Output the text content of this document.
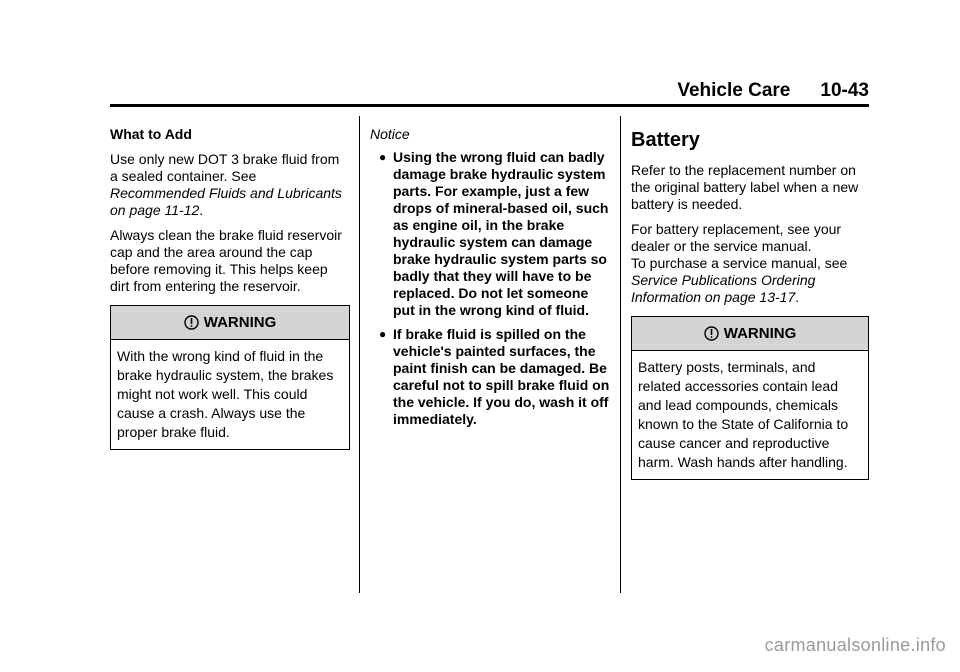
Vehicle Care 10-43
What to Add

Use only new DOT 3 brake fluid from a sealed container. See Recommended Fluids and Lubricants on page 11-12.

Always clean the brake fluid reservoir cap and the area around the cap before removing it. This helps keep dirt from entering the reservoir.

WARNING
With the wrong kind of fluid in the brake hydraulic system, the brakes might not work well. This could cause a crash. Always use the proper brake fluid.
Notice
● Using the wrong fluid can badly damage brake hydraulic system parts. For example, just a few drops of mineral-based oil, such as engine oil, in the brake hydraulic system can damage brake hydraulic system parts so badly that they will have to be replaced. Do not let someone put in the wrong kind of fluid.
● If brake fluid is spilled on the vehicle's painted surfaces, the paint finish can be damaged. Be careful not to spill brake fluid on the vehicle. If you do, wash it off immediately.
Battery

Refer to the replacement number on the original battery label when a new battery is needed.

For battery replacement, see your dealer or the service manual.
To purchase a service manual, see Service Publications Ordering Information on page 13-17.

WARNING
Battery posts, terminals, and related accessories contain lead and lead compounds, chemicals known to the State of California to cause cancer and reproductive harm. Wash hands after handling.
carmanualsonline.info
